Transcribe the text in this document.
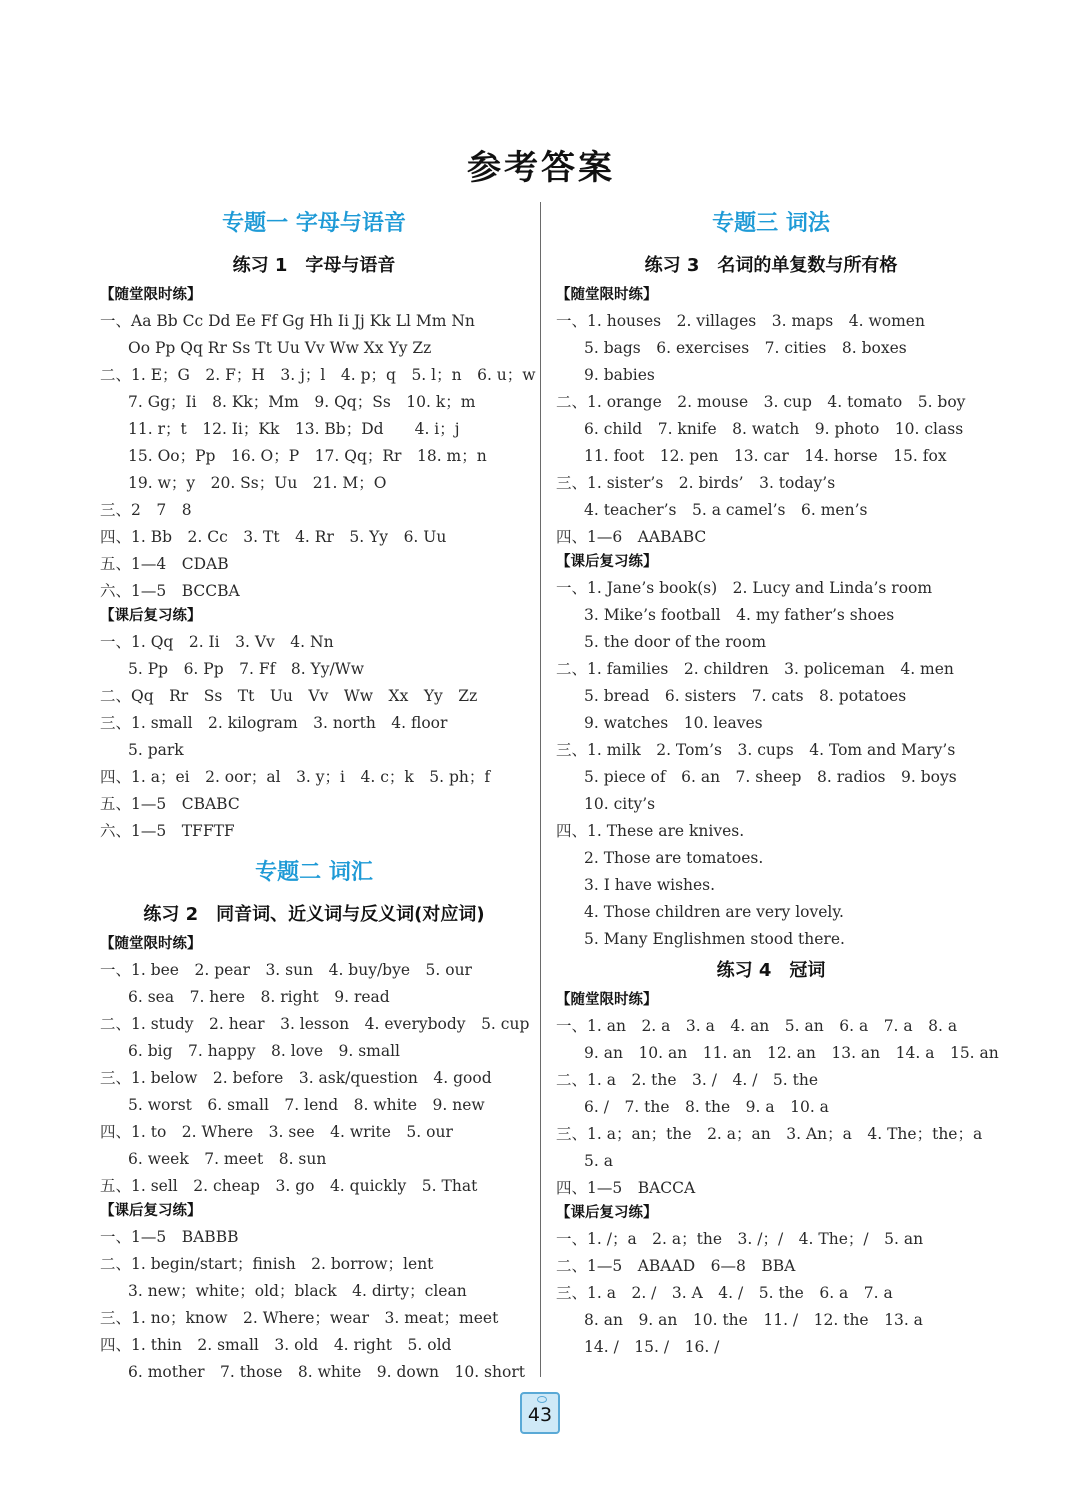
参考答案
专题一 字母与语音
练习 1　字母与语音
【随堂限时练】
一、Aa Bb Cc Dd Ee Ff Gg Hh Ii Jj Kk Ll Mm Nn
Oo Pp Qq Rr Ss Tt Uu Vv Ww Xx Yy Zz
二、1. E；G　2. F；H　3. j；l　4. p；q　5. l；n　6. u；w
7. Gg；Ii　8. Kk；Mm　9. Qq；Ss　10. k；m
11. r；t　12. Ii；Kk　13. Bb；Dd　　4. i；j
15. Oo；Pp　16. O；P　17. Qq；Rr　18. m；n
19. w；y　20. Ss；Uu　21. M；O
三、2　7　8
四、1. Bb　2. Cc　3. Tt　4. Rr　5. Yy　6. Uu
五、1—4　CDAB
六、1—5　BCCBA
【课后复习练】
一、1. Qq　2. Ii　3. Vv　4. Nn
5. Pp　6. Pp　7. Ff　8. Yy/Ww
二、Qq　Rr　Ss　Tt　Uu　Vv　Ww　Xx　Yy　Zz
三、1. small　2. kilogram　3. north　4. floor
5. park
四、1. a；ei　2. oor；al　3. y；i　4. c；k　5. ph；f
五、1—5　CBABC
六、1—5　TFFTF
专题二 词汇
练习 2　同音词、近义词与反义词(对应词)
【随堂限时练】
一、1. bee　2. pear　3. sun　4. buy/bye　5. our
6. sea　7. here　8. right　9. read
二、1. study　2. hear　3. lesson　4. everybody　5. cup
6. big　7. happy　8. love　9. small
三、1. below　2. before　3. ask/question　4. good
5. worst　6. small　7. lend　8. white　9. new
四、1. to　2. Where　3. see　4. write　5. our
6. week　7. meet　8. sun
五、1. sell　2. cheap　3. go　4. quickly　5. That
【课后复习练】
一、1—5　BABBB
二、1. begin/start；finish　2. borrow；lent
3. new；white；old；black　4. dirty；clean
三、1. no；know　2. Where；wear　3. meat；meet
四、1. thin　2. small　3. old　4. right　5. old
6. mother　7. those　8. white　9. down　10. short
专题三 词法
练习 3　名词的单复数与所有格
【随堂限时练】
一、1. houses　2. villages　3. maps　4. women
5. bags　6. exercises　7. cities　8. boxes
9. babies
二、1. orange　2. mouse　3. cup　4. tomato　5. boy
6. child　7. knife　8. watch　9. photo　10. class
11. foot　12. pen　13. car　14. horse　15. fox
三、1. sister’s　2. birds’　3. today’s
4. teacher’s　5. a camel’s　6. men’s
四、1—6　AABABC
【课后复习练】
一、1. Jane’s book(s)　2. Lucy and Linda’s room
3. Mike’s football　4. my father’s shoes
5. the door of the room
二、1. families　2. children　3. policeman　4. men
5. bread　6. sisters　7. cats　8. potatoes
9. watches　10. leaves
三、1. milk　2. Tom’s　3. cups　4. Tom and Mary’s
5. piece of　6. an　7. sheep　8. radios　9. boys
10. city’s
四、1. These are knives.
2. Those are tomatoes.
3. I have wishes.
4. Those children are very lovely.
5. Many Englishmen stood there.
练习 4　冠词
【随堂限时练】
一、1. an　2. a　3. a　4. an　5. an　6. a　7. a　8. a
9. an　10. an　11. an　12. an　13. an　14. a　15. an
二、1. a　2. the　3. /　4. /　5. the
6. /　7. the　8. the　9. a　10. a
三、1. a；an；the　2. a；an　3. An；a　4. The；the；a
5. a
四、1—5　BACCA
【课后复习练】
一、1. /；a　2. a；the　3. /；/　4. The；/　5. an
二、1—5　ABAAD　6—8　BBA
三、1. a　2. /　3. A　4. /　5. the　6. a　7. a
8. an　9. an　10. the　11. /　12. the　13. a
14. /　15. /　16. /
43
